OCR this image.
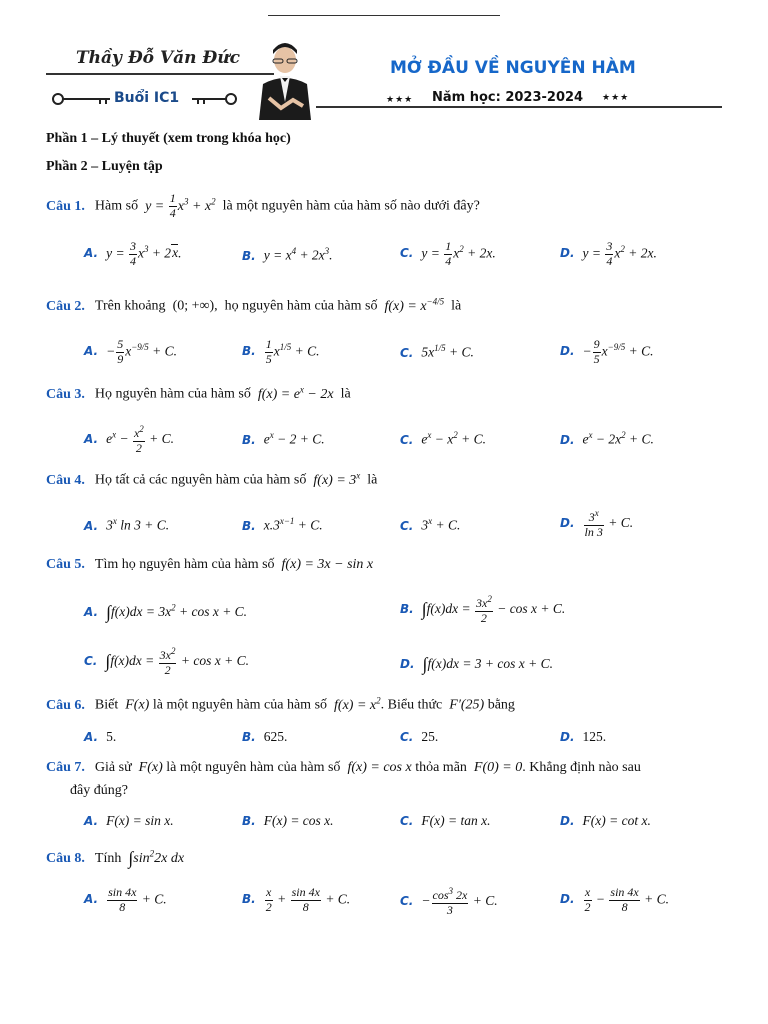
Thầy Đỗ Văn Đức
Buổi IC1
MỞ ĐẦU VỀ NGUYÊN HÀM
★★★ Năm học: 2023-2024 ★★★
Phần 1 – Lý thuyết (xem trong khóa học)
Phần 2 – Luyện tập
Câu 1. Hàm số  $y = \frac{1}{4} x^3 + x^2$ là một nguyên hàm của hàm số nào dưới đây?
A. $y = \frac{3}{4} x^3 + 2x$.	B. $y = x^4 + 2x^3$.	C. $y = \frac{1}{4} x^2 + 2x$.	D. $y = \frac{3}{4} x^2 + 2x$.
Câu 2. Trên khoảng  (0; +∞),  họ nguyên hàm của hàm số  $f(x) = x^{-4/5}$ là
A. − $\frac{5}{9} x^{-9/5} + C$.	B. $\frac{1}{5} x^{1/5} + C$.	C. $5x^{1/5} + C$.	D. − $\frac{9}{5} x^{-9/5} + C$.
Câu 3. Họ nguyên hàm của hàm số  $f(x) = e^x - 2x$  là
A. $e^x - \frac{x^2}{2} + C$.	B. $e^x - 2 + C$.	C. $e^x - x^2 + C$.	D. $e^x - 2x^2 + C$.
Câu 4. Họ tất cả các nguyên hàm của hàm số  $f(x) = 3^x$ là
A. 3$^x$ ln 3 + C.	B. $x.3^{x-1} + C$.	C. $3^x + C$.	D. $\frac{3^x}{\ln 3} + C$.
Câu 5. Tìm họ nguyên hàm của hàm số  f(x) = 3x − sin x
A. $\int f(x)dx = 3x^2 + \cos x + C$.	B. $\int f(x)dx = \frac{3x^2}{2} - \cos x + C$.
C. $\int f(x)dx = \frac{3x^2}{2} + \cos x + C$.	D. ∫f(x)dx = 3 + cos x + C.
Câu 6. Biết  F(x) là một nguyên hàm của hàm số  $f(x) = x^2$. Biểu thức  F′(25) bằng
A. 5.	B. 625.	C. 25.	D. 125.
Câu 7. Giả sử  F(x) là một nguyên hàm của hàm số  f(x) = cos x thỏa mãn  F(0) = 0. Khẳng định nào sau
đây đúng?
A. F(x) = sin x.	B. F(x) = cos x.	C. F(x) = tan x.	D. F(x) = cot x.
Câu 8. Tính $\int\sin^22x$ dx
A. $\frac{\sin 4x}{8} + C$.	B. $\frac{x}{2} + \frac{\sin 4x}{8} + C$.	C. − $\frac{\cos^3 2x}{3} + C$.	D. $\frac{x}{2} - \frac{\sin 4x}{8} + C$.
